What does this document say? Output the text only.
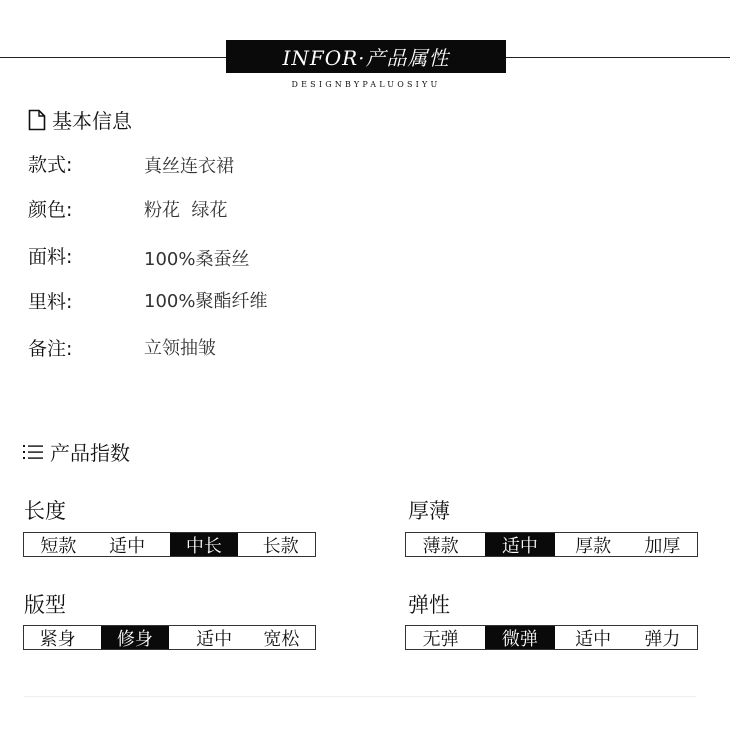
INFOR·产品属性
DESIGNBYPALUOSIYU
基本信息
款式:	真丝连衣裙
颜色:	粉花  绿花
面料:	100%桑蚕丝
里料:	100%聚酯纤维
备注:	立领抽皱
产品指数
长度
短款	适中	中长	长款
厚薄
薄款	适中	厚款	加厚
版型
紧身	修身	适中	宽松
弹性
无弹	微弹	适中	弹力
